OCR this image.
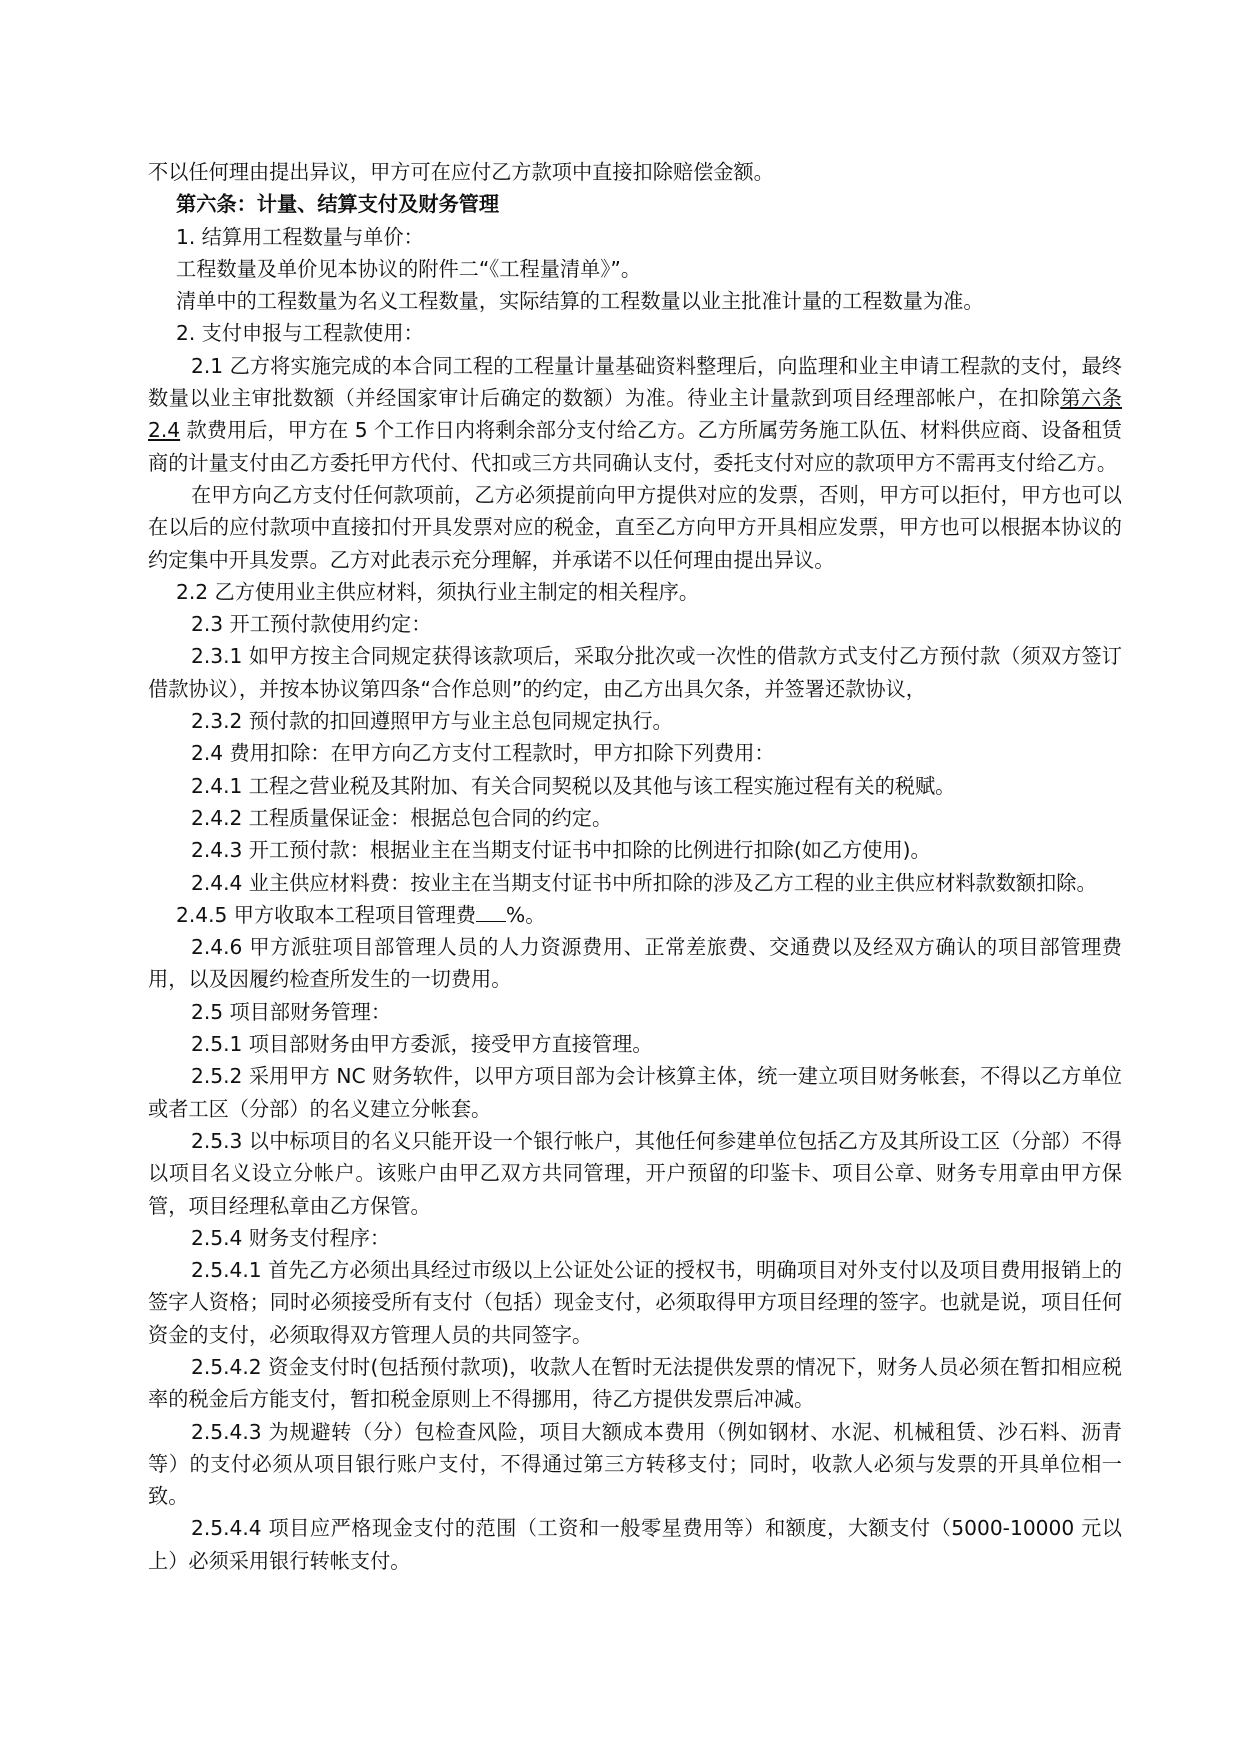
不以任何理由提出异议，甲方可在应付乙方款项中直接扣除赔偿金额。

第六条：计量、结算支付及财务管理

1. 结算用工程数量与单价：

工程数量及单价见本协议的附件二“《工程量清单》”。

清单中的工程数量为名义工程数量，实际结算的工程数量以业主批准计量的工程数量为准。

2. 支付申报与工程款使用：

2.1 乙方将实施完成的本合同工程的工程量计量基础资料整理后，向监理和业主申请工程款的支付，最终数量以业主审批数额（并经国家审计后确定的数额）为准。待业主计量款到项目经理部帐户，在扣除第六条 2.4 款费用后，甲方在 5 个工作日内将剩余部分支付给乙方。乙方所属劳务施工队伍、材料供应商、设备租赁商的计量支付由乙方委托甲方代付、代扣或三方共同确认支付，委托支付对应的款项甲方不需再支付给乙方。

在甲方向乙方支付任何款项前，乙方必须提前向甲方提供对应的发票，否则，甲方可以拒付，甲方也可以在以后的应付款项中直接扣付开具发票对应的税金，直至乙方向甲方开具相应发票，甲方也可以根据本协议的约定集中开具发票。乙方对此表示充分理解，并承诺不以任何理由提出异议。

2.2 乙方使用业主供应材料，须执行业主制定的相关程序。

2.3 开工预付款使用约定：

2.3.1 如甲方按主合同规定获得该款项后，采取分批次或一次性的借款方式支付乙方预付款（须双方签订借款协议），并按本协议第四条“合作总则”的约定，由乙方出具欠条，并签署还款协议，

2.3.2 预付款的扣回遵照甲方与业主总包同规定执行。

2.4 费用扣除：在甲方向乙方支付工程款时，甲方扣除下列费用：

2.4.1 工程之营业税及其附加、有关合同契税以及其他与该工程实施过程有关的税赋。

2.4.2 工程质量保证金：根据总包合同的约定。

2.4.3 开工预付款：根据业主在当期支付证书中扣除的比例进行扣除(如乙方使用)。

2.4.4 业主供应材料费：按业主在当期支付证书中所扣除的涉及乙方工程的业主供应材料款数额扣除。

2.4.5 甲方收取本工程项目管理费 %。

2.4.6 甲方派驻项目部管理人员的人力资源费用、正常差旅费、交通费以及经双方确认的项目部管理费用，以及因履约检查所发生的一切费用。

2.5 项目部财务管理：

2.5.1 项目部财务由甲方委派，接受甲方直接管理。

2.5.2 采用甲方 NC 财务软件，以甲方项目部为会计核算主体，统一建立项目财务帐套，不得以乙方单位或者工区（分部）的名义建立分帐套。

2.5.3 以中标项目的名义只能开设一个银行帐户，其他任何参建单位包括乙方及其所设工区（分部）不得以项目名义设立分帐户。该账户由甲乙双方共同管理，开户预留的印鉴卡、项目公章、财务专用章由甲方保管，项目经理私章由乙方保管。

2.5.4 财务支付程序：

2.5.4.1 首先乙方必须出具经过市级以上公证处公证的授权书，明确项目对外支付以及项目费用报销上的签字人资格；同时必须接受所有支付（包括）现金支付，必须取得甲方项目经理的签字。也就是说，项目任何资金的支付，必须取得双方管理人员的共同签字。

2.5.4.2 资金支付时(包括预付款项)，收款人在暂时无法提供发票的情况下，财务人员必须在暂扣相应税率的税金后方能支付，暂扣税金原则上不得挪用，待乙方提供发票后冲减。

2.5.4.3 为规避转（分）包检查风险，项目大额成本费用（例如钢材、水泥、机械租赁、沙石料、沥青等）的支付必须从项目银行账户支付，不得通过第三方转移支付；同时，收款人必须与发票的开具单位相一致。

2.5.4.4 项目应严格现金支付的范围（工资和一般零星费用等）和额度，大额支付（5000-10000 元以上）必须采用银行转帐支付。
